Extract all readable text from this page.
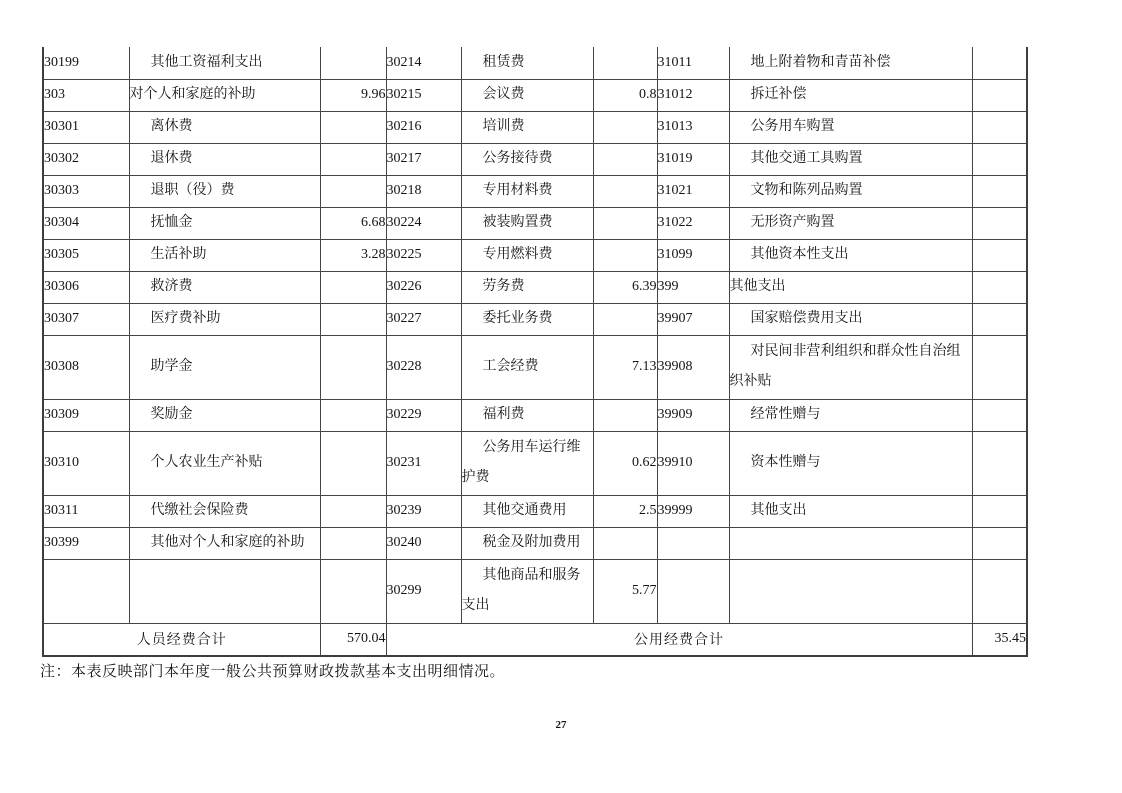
30199	其他工资福利支出		30214	租赁费		31011	地上附着物和青苗补偿	
303	对个人和家庭的补助	9.96	30215	会议费	0.8	31012	拆迁补偿	
30301	离休费		30216	培训费		31013	公务用车购置	
30302	退休费		30217	公务接待费		31019	其他交通工具购置	
30303	退职（役）费		30218	专用材料费		31021	文物和陈列品购置	
30304	抚恤金	6.68	30224	被装购置费		31022	无形资产购置	
30305	生活补助	3.28	30225	专用燃料费		31099	其他资本性支出	
30306	救济费		30226	劳务费	6.39	399	其他支出	
30307	医疗费补助		30227	委托业务费		39907	国家赔偿费用支出	
30308	助学金		30228	工会经费	7.13	39908	对民间非营利组织和群众性自治组织补贴	
30309	奖励金		30229	福利费		39909	经常性赠与	
30310	个人农业生产补贴		30231	公务用车运行维护费	0.62	39910	资本性赠与	
30311	代缴社会保险费		30239	其他交通费用	2.5	39999	其他支出	
30399	其他对个人和家庭的补助		30240	税金及附加费用				
			30299	其他商品和服务支出	5.77			
人员经费合计		570.04	公用经费合计					35.45
注：本表反映部门本年度一般公共预算财政拨款基本支出明细情况。
27
